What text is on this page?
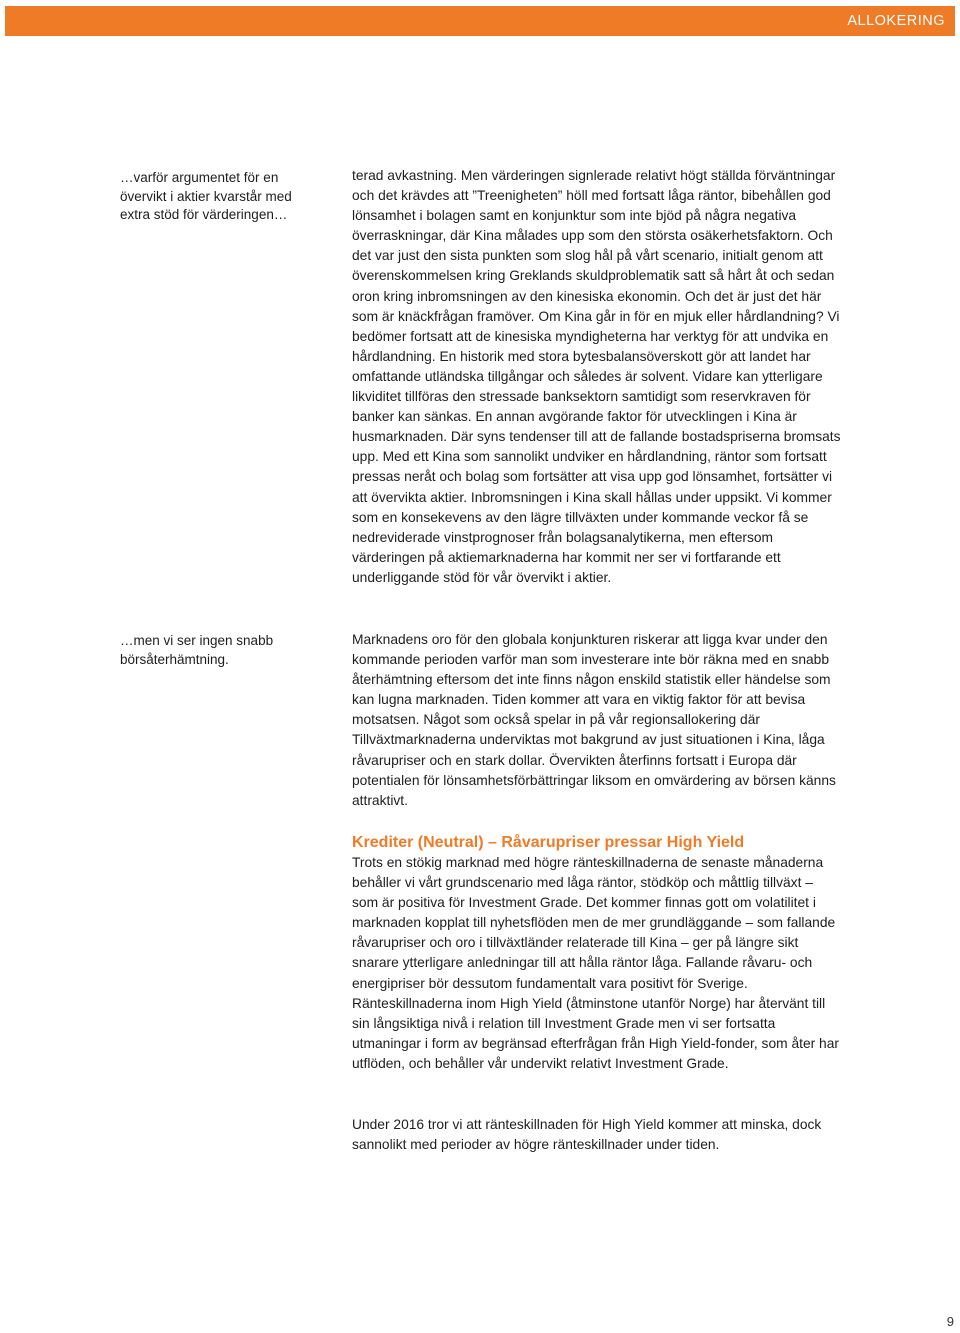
ALLOKERING

…varför argumentet för en övervikt i aktier kvarstår med extra stöd för värderingen…

terad avkastning. Men värderingen signlerade relativt högt ställda förväntningar och det krävdes att ”Treenigheten” höll med fortsatt låga räntor, bibehållen god lönsamhet i bolagen samt en konjunktur som inte bjöd på några negativa överraskningar, där Kina målades upp som den största osäkerhetsfaktorn. Och det var just den sista punkten som slog hål på vårt scenario, initialt genom att överenskommelsen kring Greklands skuldproblematik satt så hårt åt och sedan oron kring inbromsningen av den kinesiska ekonomin. Och det är just det här som är knäckfrågan framöver. Om Kina går in för en mjuk eller hårdlandning? Vi bedömer fortsatt att de kinesiska myndigheterna har verktyg för att undvika en hårdlandning. En historik med stora bytesbalansöverskott gör att landet har omfattande utländska tillgångar och således är solvent. Vidare kan ytterligare likviditet tillföras den stressade banksektorn samtidigt som reservkraven för banker kan sänkas. En annan avgörande faktor för utvecklingen i Kina är husmarknaden. Där syns tendenser till att de fallande bostadspriserna bromsats upp. Med ett Kina som sannolikt undviker en hårdlandning, räntor som fortsatt pressas neråt och bolag som fortsätter att visa upp god lönsamhet, fortsätter vi att övervikta aktier. Inbromsningen i Kina skall hållas under uppsikt. Vi kommer som en konsekevens av den lägre tillväxten under kommande veckor få se nedreviderade vinstprognoser från bolagsanalytikerna, men eftersom värderingen på aktiemarknaderna har kommit ner ser vi fortfarande ett underliggande stöd för vår övervikt i aktier.

…men vi ser ingen snabb börsåterhämtning.

Marknadens oro för den globala konjunkturen riskerar att ligga kvar under den kommande perioden varför man som investerare inte bör räkna med en snabb återhämtning eftersom det inte finns någon enskild statistik eller händelse som kan lugna marknaden. Tiden kommer att vara en viktig faktor för att bevisa motsatsen. Något som också spelar in på vår regionsallokering där Tillväxtmarknaderna underviktas mot bakgrund av just situationen i Kina, låga råvarupriser och en stark dollar. Övervikten återfinns fortsatt i Europa där potentialen för lönsamhetsförbättringar liksom en omvärdering av börsen känns attraktivt.

Krediter (Neutral) – Råvarupriser pressar High Yield

Trots en stökig marknad med högre ränteskillnaderna de senaste månaderna behåller vi vårt grundscenario med låga räntor, stödköp och måttlig tillväxt – som är positiva för Investment Grade. Det kommer finnas gott om volatilitet i marknaden kopplat till nyhetsflöden men de mer grundläggande – som fallande råvarupriser och oro i tillväxtländer relaterade till Kina – ger på längre sikt snarare ytterligare anledningar till att hålla räntor låga. Fallande råvaru- och energipriser bör dessutom fundamentalt vara positivt för Sverige. Ränteskillnaderna inom High Yield (åtminstone utanför Norge) har återvänt till sin långsiktiga nivå i relation till Investment Grade men vi ser fortsatta utmaningar i form av begränsad efterfrågan från High Yield-fonder, som åter har utflöden, och behåller vår undervikt relativt Investment Grade.

Under 2016 tror vi att ränteskillnaden för High Yield kommer att minska, dock sannolikt med perioder av högre ränteskillnader under tiden.

9
